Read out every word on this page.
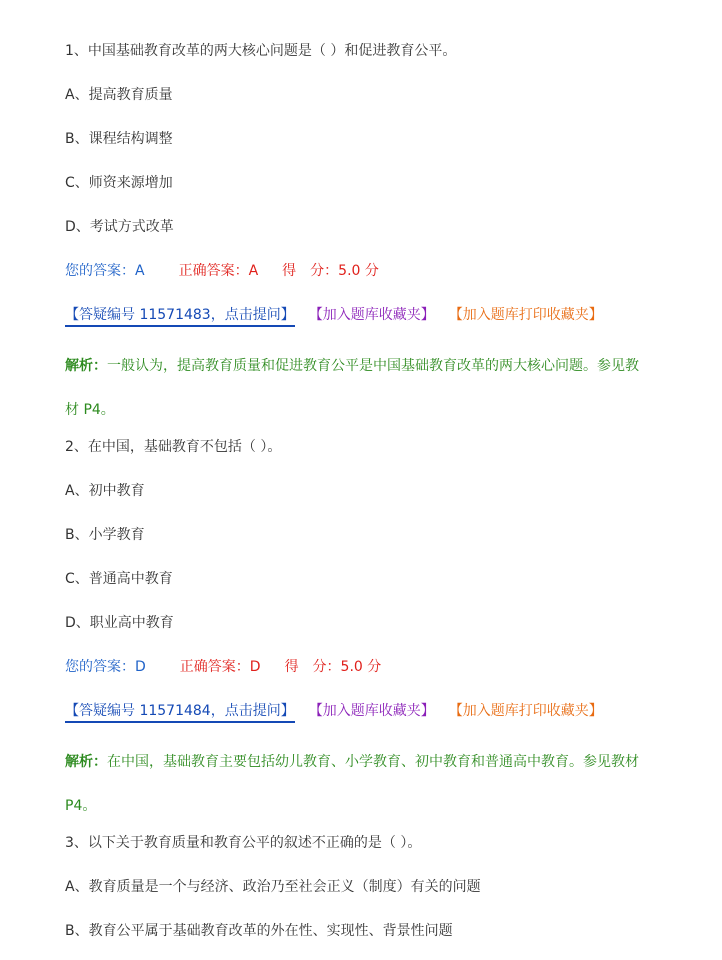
1、中国基础教育改革的两大核心问题是（ ）和促进教育公平。
A、提高教育质量
B、课程结构调整
C、师资来源增加
D、考试方式改革
您的答案：A 正确答案：A 得　分：5.0 分
【答疑编号 11571483，点击提问】 【加入题库收藏夹】 【加入题库打印收藏夹】
解析：一般认为，提高教育质量和促进教育公平是中国基础教育改革的两大核心问题。参见教材 P4。
2、在中国，基础教育不包括（ ）。
A、初中教育
B、小学教育
C、普通高中教育
D、职业高中教育
您的答案：D 正确答案：D 得　分：5.0 分
【答疑编号 11571484，点击提问】 【加入题库收藏夹】 【加入题库打印收藏夹】
解析：在中国，基础教育主要包括幼儿教育、小学教育、初中教育和普通高中教育。参见教材 P4。
3、以下关于教育质量和教育公平的叙述不正确的是（ ）。
A、教育质量是一个与经济、政治乃至社会正义（制度）有关的问题
B、教育公平属于基础教育改革的外在性、实现性、背景性问题
